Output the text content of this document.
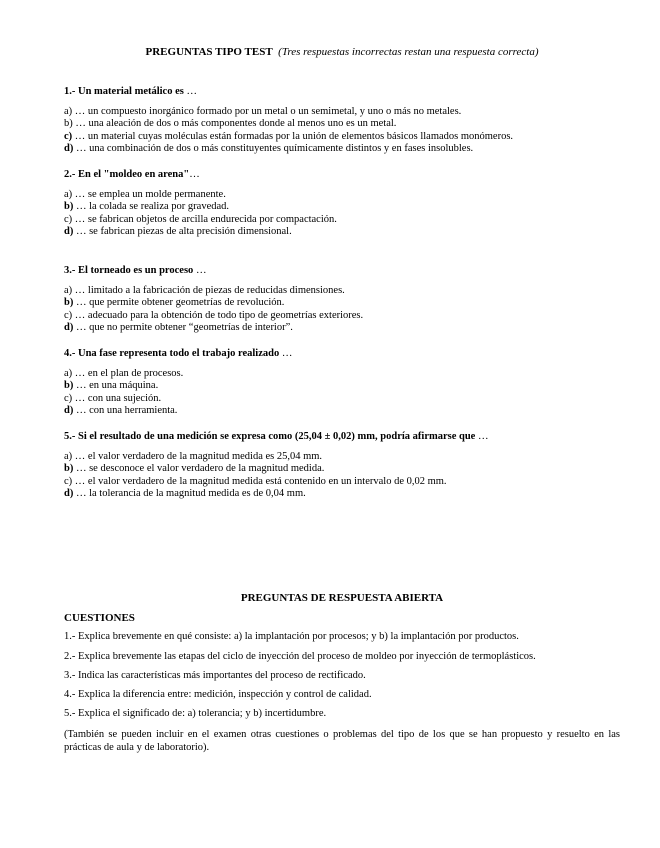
PREGUNTAS TIPO TEST (Tres respuestas incorrectas restan una respuesta correcta)
1.- Un material metálico es …
a) … un compuesto inorgánico formado por un metal o un semimetal, y uno o más no metales.
b) … una aleación de dos o más componentes donde al menos uno es un metal.
c) … un material cuyas moléculas están formadas por la unión de elementos básicos llamados monómeros.
d) … una combinación de dos o más constituyentes químicamente distintos y en fases insolubles.
2.- En el "moldeo en arena"…
a) … se emplea un molde permanente.
b) … la colada se realiza por gravedad.
c) … se fabrican objetos de arcilla endurecida por compactación.
d) … se fabrican piezas de alta precisión dimensional.
3.- El torneado es un proceso …
a) … limitado a la fabricación de piezas de reducidas dimensiones.
b) … que permite obtener geometrías de revolución.
c) … adecuado para la obtención de todo tipo de geometrías exteriores.
d) … que no permite obtener “geometrías de interior”.
4.- Una fase representa todo el trabajo realizado …
a) … en el plan de procesos.
b) … en una máquina.
c) … con una sujeción.
d) … con una herramienta.
5.- Si el resultado de una medición se expresa como (25,04 ± 0,02) mm, podría afirmarse que …
a) … el valor verdadero de la magnitud medida es 25,04 mm.
b) … se desconoce el valor verdadero de la magnitud medida.
c) … el valor verdadero de la magnitud medida está contenido en un intervalo de 0,02 mm.
d) … la tolerancia de la magnitud medida es de 0,04 mm.
PREGUNTAS DE RESPUESTA ABIERTA
CUESTIONES
1.- Explica brevemente en qué consiste: a) la implantación por procesos; y b) la implantación por productos.
2.- Explica brevemente las etapas del ciclo de inyección del proceso de moldeo por inyección de termoplásticos.
3.- Indica las características más importantes del proceso de rectificado.
4.- Explica la diferencia entre: medición, inspección y control de calidad.
5.- Explica el significado de: a) tolerancia; y b) incertidumbre.
(También se pueden incluir en el examen otras cuestiones o problemas del tipo de los que se han propuesto y resuelto en las prácticas de aula y de laboratorio).
